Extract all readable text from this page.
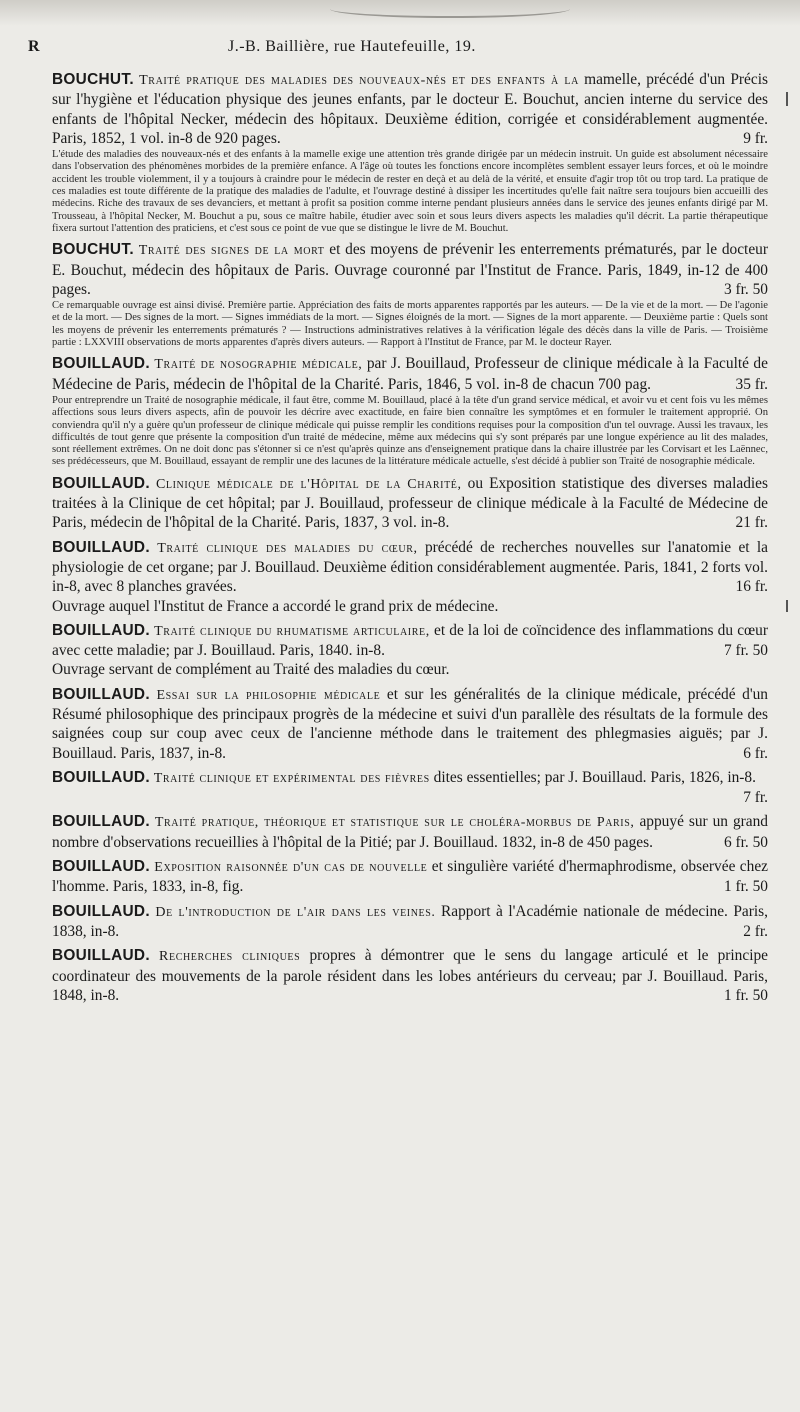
R	J.-B. Baillière, rue Hautefeuille, 19.
BOUCHUT. Traité pratique des maladies des nouveaux-nés et des enfants à la mamelle, précédé d'un Précis sur l'hygiène et l'éducation physique des jeunes enfants, par le docteur E. Bouchut, ancien interne du service des enfants de l'hôpital Necker, médecin des hôpitaux. Deuxième édition, corrigée et considérablement augmentée. Paris, 1852, 1 vol. in-8 de 920 pages.	9 fr.
L'étude des maladies des nouveaux-nés et des enfants à la mamelle exige une attention très grande dirigée par un médecin instruit. Un guide est absolument nécessaire dans l'observation des phénomènes morbides de la première enfance. A l'âge où toutes les fonctions encore incomplètes semblent essayer leurs forces, et où le moindre accident les trouble violemment, il y a toujours à craindre pour le médecin de rester en deçà et au delà de la vérité, et ensuite d'agir trop tôt ou trop tard. La pratique de ces maladies est toute différente de la pratique des maladies de l'adulte, et l'ouvrage destiné à dissiper les incertitudes qu'elle fait naître sera toujours bien accueilli des médecins. Riche des travaux de ses devanciers, et mettant à profit sa position comme interne pendant plusieurs années dans le service des jeunes enfants dirigé par M. Trousseau, à l'hôpital Necker, M. Bouchut a pu, sous ce maître habile, étudier avec soin et sous leurs divers aspects les maladies qu'il décrit. La partie thérapeutique fixera surtout l'attention des praticiens, et c'est sous ce point de vue que se distingue le livre de M. Bouchut.
BOUCHUT. Traité des signes de la mort et des moyens de prévenir les enterrements prématurés, par le docteur E. Bouchut, médecin des hôpitaux de Paris. Ouvrage couronné par l'Institut de France. Paris, 1849, in-12 de 400 pages.	3 fr. 50
Ce remarquable ouvrage est ainsi divisé. Première partie. Appréciation des faits de morts apparentes rapportés par les auteurs. — De la vie et de la mort. — De l'agonie et de la mort. — Des signes de la mort. — Signes immédiats de la mort. — Signes éloignés de la mort. — Signes de la mort apparente. — Deuxième partie : Quels sont les moyens de prévenir les enterrements prématurés ? — Instructions administratives relatives à la vérification légale des décès dans la ville de Paris. — Troisième partie : LXXVIII observations de morts apparentes d'après divers auteurs. — Rapport à l'Institut de France, par M. le docteur Rayer.
BOUILLAUD. Traité de nosographie médicale, par J. Bouillaud, Professeur de clinique médicale à la Faculté de Médecine de Paris, médecin de l'hôpital de la Charité. Paris, 1846, 5 vol. in-8 de chacun 700 pag.	35 fr.
Pour entreprendre un Traité de nosographie médicale, il faut être, comme M. Bouillaud, placé à la tête d'un grand service médical, et avoir vu et cent fois vu les mêmes affections sous leurs divers aspects, afin de pouvoir les décrire avec exactitude, en faire bien connaître les symptômes et en formuler le traitement approprié. On conviendra qu'il n'y a guère qu'un professeur de clinique médicale qui puisse remplir les conditions requises pour la composition d'un tel ouvrage. Aussi les travaux, les difficultés de tout genre que présente la composition d'un traité de médecine, même aux médecins qui s'y sont préparés par une longue expérience au lit des malades, sont réellement extrêmes. On ne doit donc pas s'étonner si ce n'est qu'après quinze ans d'enseignement pratique dans la chaire illustrée par les Corvisart et les Laënnec, ses prédécesseurs, que M. Bouillaud, essayant de remplir une des lacunes de la littérature médicale actuelle, s'est décidé à publier son Traité de nosographie médicale.
BOUILLAUD. Clinique médicale de l'Hôpital de la Charité, ou Exposition statistique des diverses maladies traitées à la Clinique de cet hôpital; par J. Bouillaud, professeur de clinique médicale à la Faculté de Médecine de Paris, médecin de l'hôpital de la Charité. Paris, 1837, 3 vol. in-8.	21 fr.
BOUILLAUD. Traité clinique des maladies du cœur, précédé de recherches nouvelles sur l'anatomie et la physiologie de cet organe; par J. Bouillaud. Deuxième édition considérablement augmentée. Paris, 1841, 2 forts vol. in-8, avec 8 planches gravées.	16 fr.
Ouvrage auquel l'Institut de France a accordé le grand prix de médecine.
BOUILLAUD. Traité clinique du rhumatisme articulaire, et de la loi de coïncidence des inflammations du cœur avec cette maladie; par J. Bouillaud. Paris, 1840. in-8.	7 fr. 50
Ouvrage servant de complément au Traité des maladies du cœur.
BOUILLAUD. Essai sur la philosophie médicale et sur les généralités de la clinique médicale, précédé d'un Résumé philosophique des principaux progrès de la médecine et suivi d'un parallèle des résultats de la formule des saignées coup sur coup avec ceux de l'ancienne méthode dans le traitement des phlegmasies aiguës; par J. Bouillaud. Paris, 1837, in-8.	6 fr.
BOUILLAUD. Traité clinique et expérimental des fièvres dites essentielles; par J. Bouillaud. Paris, 1826, in-8.
7 fr.
BOUILLAUD. Traité pratique, théorique et statistique sur le choléra-morbus de Paris, appuyé sur un grand nombre d'observations recueillies à l'hôpital de la Pitié; par J. Bouillaud. 1832, in-8 de 450 pages.	6 fr. 50
BOUILLAUD. Exposition raisonnée d'un cas de nouvelle et singulière variété d'hermaphrodisme, observée chez l'homme. Paris, 1833, in-8, fig.	1 fr. 50
BOUILLAUD. De l'introduction de l'air dans les veines. Rapport à l'Académie nationale de médecine. Paris, 1838, in-8.	2 fr.
BOUILLAUD. Recherches cliniques propres à démontrer que le sens du langage articulé et le principe coordinateur des mouvements de la parole résident dans les lobes antérieurs du cerveau; par J. Bouillaud. Paris, 1848, in-8.	1 fr. 50
